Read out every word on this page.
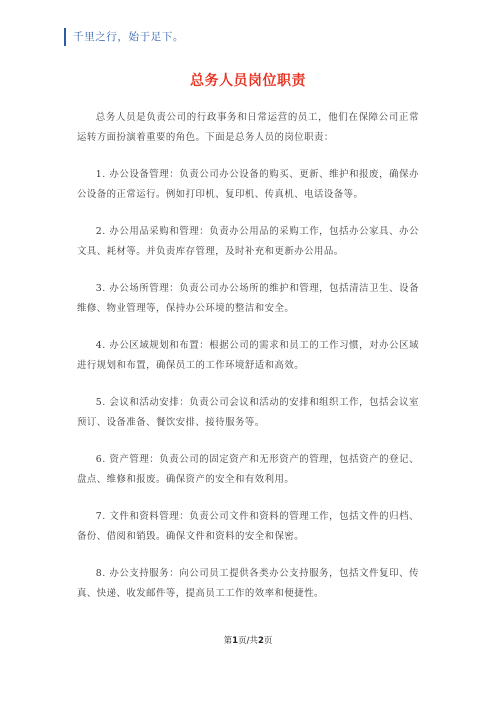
千里之行，始于足下。
总务人员岗位职责

总务人员是负责公司的行政事务和日常运营的员工，他们在保障公司正常运转方面扮演着重要的角色。下面是总务人员的岗位职责：

1. 办公设备管理：负责公司办公设备的购买、更新、维护和报废，确保办公设备的正常运行。例如打印机、复印机、传真机、电话设备等。

2. 办公用品采购和管理：负责办公用品的采购工作，包括办公家具、办公文具、耗材等。并负责库存管理，及时补充和更新办公用品。

3. 办公场所管理：负责公司办公场所的维护和管理，包括清洁卫生、设备维修、物业管理等，保持办公环境的整洁和安全。

4. 办公区域规划和布置：根据公司的需求和员工的工作习惯，对办公区域进行规划和布置，确保员工的工作环境舒适和高效。

5. 会议和活动安排：负责公司会议和活动的安排和组织工作，包括会议室预订、设备准备、餐饮安排、接待服务等。

6. 资产管理：负责公司的固定资产和无形资产的管理，包括资产的登记、盘点、维修和报废。确保资产的安全和有效利用。

7. 文件和资料管理：负责公司文件和资料的管理工作，包括文件的归档、备份、借阅和销毁。确保文件和资料的安全和保密。

8. 办公支持服务：向公司员工提供各类办公支持服务，包括文件复印、传真、快递、收发邮件等，提高员工工作的效率和便捷性。

第1页/共2页
